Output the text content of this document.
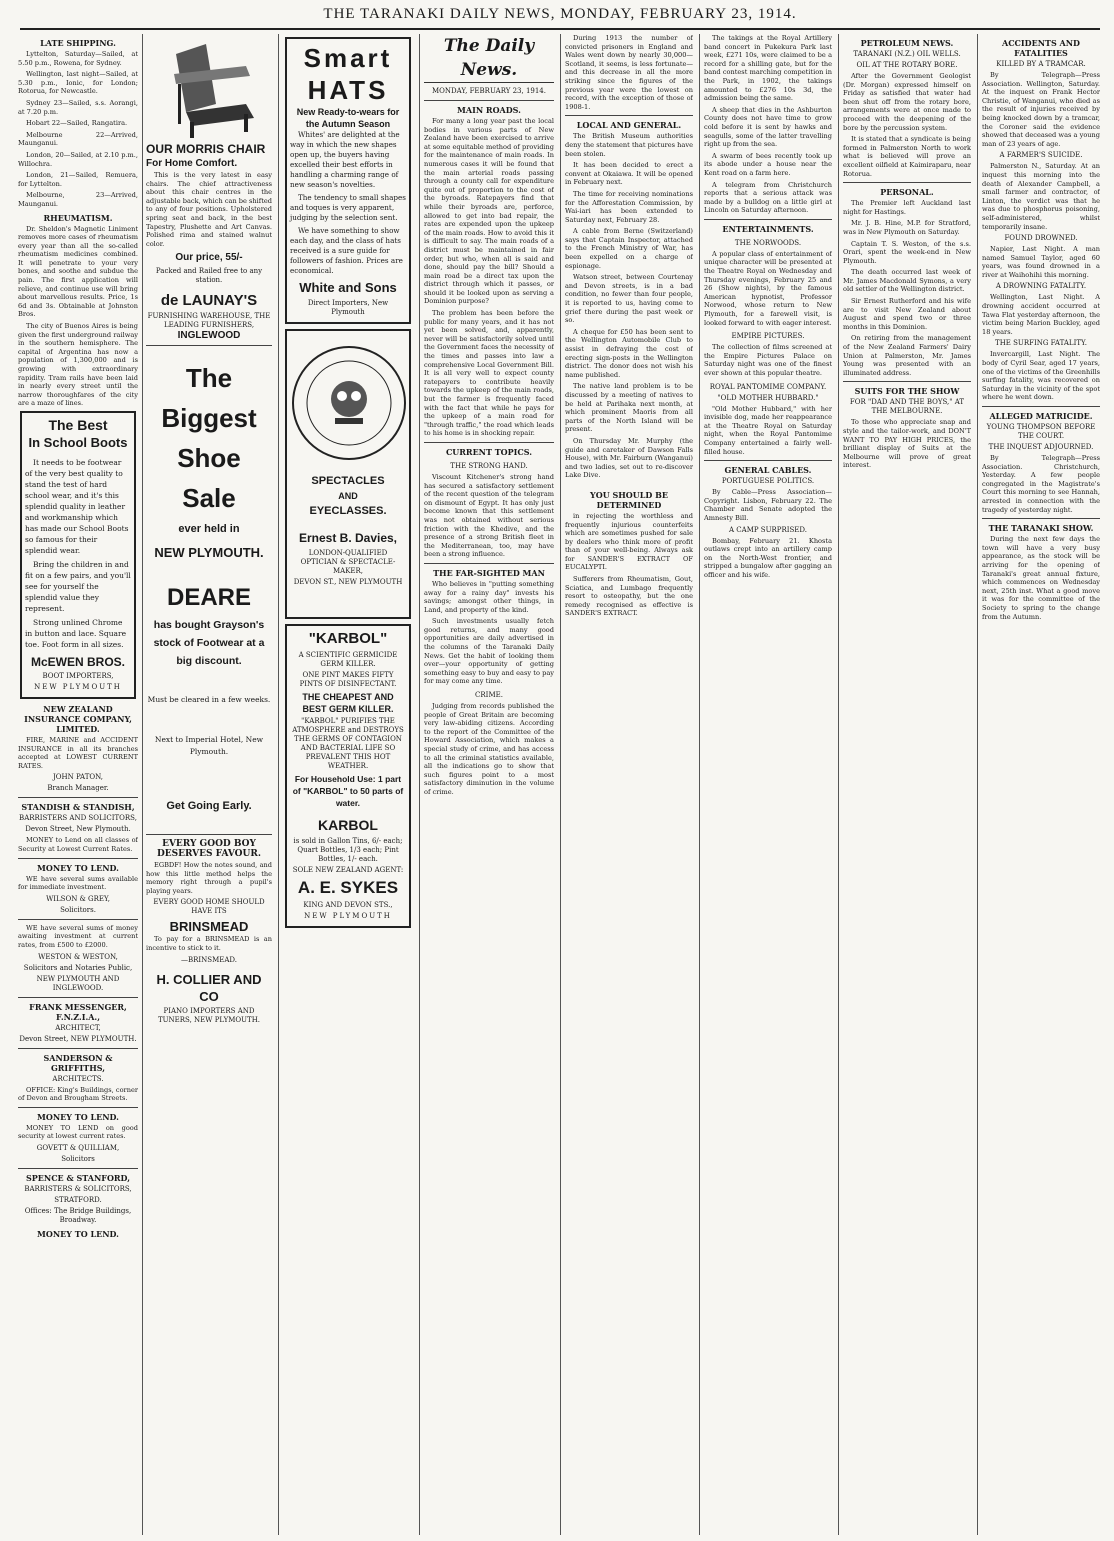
THE TARANAKI DAILY NEWS, MONDAY, FEBRUARY 23, 1914.
LATE SHIPPING.
Lyttelton, Saturday—Sailed, at 5.50 p.m., Rowena, for Sydney.
Wellington, last night—Sailed, at 5.30 p.m., Ionic, for London; Rotorua, for Newcastle.
Sydney 23—Sailed, s.s. Aorangi, at 7.20 p.m.
Hobart 22—Sailed, Rangatira.
Melbourne 22—Arrived, Maunganui.
London, 20—Sailed, at 2.10 p.m., Willochra.
London, 21—Sailed, Remuera, for Lyttelton.
Melbourne, 23—Arrived, Maunganui.
RHEUMATISM.
Dr. Sheldon's Magnetic Liniment removes more cases of rheumatism every year than all the so-called rheumatism medicines combined. It will penetrate to your very bones, and soothe and subdue the pain. The first application will relieve, and continue use will bring about marvellous results. Price, 1s 6d and 3s. Obtainable at Johnston Bros.
The city of Buenos Aires is being given the first underground railway in the southern hemisphere. The capital of Argentina has now a population of 1,300,000 and is growing with extraordinary rapidity. Tram rails have been laid in nearly every street until the narrow thoroughfares of the city are a maze of lines.
The Best
In School Boots
It needs to be footwear of the very best quality to stand the test of hard school wear, and it's this splendid quality in leather and workmanship which has made our School Boots so famous for their splendid wear.
Bring the children in and fit on a few pairs, and you'll see for yourself the splendid value they represent.
Strong unlined Chrome in button and lace. Square toe. Foot form in all sizes.
McEWEN BROS.
BOOT IMPORTERS,
NEW PLYMOUTH
NEW ZEALAND INSURANCE COMPANY, LIMITED.
FIRE, MARINE and ACCIDENT INSURANCE in all its branches accepted at LOWEST CURRENT RATES.
JOHN PATON,
Branch Manager.
STANDISH & STANDISH,
BARRISTERS AND SOLICITORS,
Devon Street, New Plymouth.
MONEY to Lend on all classes of Security at Lowest Current Rates.
MONEY TO LEND.
WE have several sums available for immediate investment.
WILSON & GREY,
Solicitors.
WE have several sums of money awaiting investment at current rates, from £500 to £2000.
WESTON & WESTON,
Solicitors and Notaries Public,
NEW PLYMOUTH AND INGLEWOOD.
FRANK MESSENGER, F.N.Z.I.A.,
ARCHITECT,
Devon Street, NEW PLYMOUTH.
SANDERSON & GRIFFITHS,
ARCHITECTS.
OFFICE: King's Buildings, corner of Devon and Brougham Streets.
MONEY TO LEND.
MONEY TO LEND on good security at lowest current rates.
GOVETT & QUILLIAM,
Solicitors
SPENCE & STANFORD,
BARRISTERS & SOLICITORS,
STRATFORD.
Offices: The Bridge Buildings, Broadway.
MONEY TO LEND.
OUR MORRIS CHAIR
For Home Comfort.
This is the very latest in easy chairs. The chief attractiveness about this chair centres in the adjustable back, which can be shifted to any of four positions. Upholstered spring seat and back, in the best Tapestry, Plushette and Art Canvas. Polished rima and stained walnut color.
Our price, 55/-
Packed and Railed free to any station.
de LAUNAY'S
FURNISHING WAREHOUSE, THE LEADING FURNISHERS,
INGLEWOOD
The
Biggest
Shoe
Sale
ever held in
NEW PLYMOUTH.
DEARE
has bought Grayson's stock of Footwear at a big discount.
Must be cleared in a few weeks.
Next to Imperial Hotel, New Plymouth.
Get Going Early.
EVERY GOOD BOY DESERVES FAVOUR.
EGBDF! How the notes sound, and how this little method helps the memory right through a pupil's playing years.
EVERY GOOD HOME SHOULD HAVE ITS
BRINSMEAD
To pay for a BRINSMEAD is an incentive to stick to it.
—BRINSMEAD.
H. COLLIER AND CO
PIANO IMPORTERS AND TUNERS, NEW PLYMOUTH.
Smart
HATS
New Ready-to-wears for the Autumn Season
Whites' are delighted at the way in which the new shapes open up, the buyers having excelled their best efforts in handling a charming range of new season's novelties.
The tendency to small shapes and toques is very apparent, judging by the selection sent.
We have something to show each day, and the class of hats received is a sure guide for followers of fashion. Prices are economical.
White and Sons
Direct Importers, New Plymouth
SPECTACLES
AND
EYECLASSES.
Ernest B. Davies,
LONDON-QUALIFIED OPTICIAN & SPECTACLE-MAKER,
DEVON ST., NEW PLYMOUTH
"KARBOL"
A SCIENTIFIC GERMICIDE GERM KILLER.
ONE PINT MAKES FIFTY PINTS OF DISINFECTANT.
THE CHEAPEST AND BEST GERM KILLER.
"KARBOL" PURIFIES THE ATMOSPHERE and DESTROYS THE GERMS OF CONTAGION AND BACTERIAL LIFE SO PREVALENT THIS HOT WEATHER.
For Household Use: 1 part of "KARBOL" to 50 parts of water.
KARBOL
is sold in Gallon Tins, 6/- each; Quart Bottles, 1/3 each; Pint Bottles, 1/- each.
SOLE NEW ZEALAND AGENT:
A. E. SYKES
KING AND DEVON STS.,
NEW PLYMOUTH
The Daily News.
MONDAY, FEBRUARY 23, 1914.
MAIN ROADS.
For many a long year past the local bodies in various parts of New Zealand have been exercised to arrive at some equitable method of providing for the maintenance of main roads. In numerous cases it will be found that the main arterial roads passing through a county call for expenditure quite out of proportion to the cost of the byroads. Ratepayers find that while their byroads are, perforce, allowed to get into bad repair, the rates are expended upon the upkeep of the main roads. How to avoid this it is difficult to say. The main roads of a district must be maintained in fair order, but who, when all is said and done, should pay the bill? Should a main road be a direct tax upon the district through which it passes, or should it be looked upon as serving a Dominion purpose?
The problem has been before the public for many years, and it has not yet been solved, and, apparently, never will be satisfactorily solved until the Government faces the necessity of the times and passes into law a comprehensive Local Government Bill. It is all very well to expect county ratepayers to contribute heavily towards the upkeep of the main roads, but the farmer is frequently faced with the fact that while he pays for the upkeep of a main road for "through traffic," the road which leads to his home is in shocking repair.
CURRENT TOPICS.
THE STRONG HAND.
Viscount Kitchener's strong hand has secured a satisfactory settlement of the recent question of the telegram on dismount of Egypt. It has only just become known that this settlement was not obtained without serious friction with the Khedive, and the presence of a strong British fleet in the Mediterranean, too, may have been a strong influence.
THE FAR-SIGHTED MAN
Who believes in "putting something away for a rainy day" invests his savings; amongst other things, in Land, and property of the kind.
Such investments usually fetch good returns, and many good opportunities are daily advertised in the columns of the Taranaki Daily News. Get the habit of looking them over—your opportunity of getting something easy to buy and easy to pay for may come any time.
CRIME.
Judging from records published the people of Great Britain are becoming very law-abiding citizens. According to the report of the Committee of the Howard Association, which makes a special study of crime, and has access to all the criminal statistics available, all the indications go to show that such figures point to a most satisfactory diminution in the volume of crime.
During 1913 the number of convicted prisoners in England and Wales went down by nearly 30,000—Scotland, it seems, is less fortunate—and this decrease in all the more striking since the figures of the previous year were the lowest on record, with the exception of those of 1908-1.
LOCAL AND GENERAL.
The British Museum authorities deny the statement that pictures have been stolen.
It has been decided to erect a convent at Okaiawa. It will be opened in February next.
The time for receiving nominations for the Afforestation Commission, by Wai-iari has been extended to Saturday next, February 28.
A cable from Berne (Switzerland) says that Captain Inspector, attached to the French Ministry of War, has been expelled on a charge of espionage.
Watson street, between Courtenay and Devon streets, is in a bad condition, no fewer than four people, it is reported to us, having come to grief there during the past week or so.
A cheque for £50 has been sent to the Wellington Automobile Club to assist in defraying the cost of erecting sign-posts in the Wellington district. The donor does not wish his name published.
The native land problem is to be discussed by a meeting of natives to be held at Parihaka next month, at which prominent Maoris from all parts of the North Island will be present.
On Thursday Mr. Murphy (the guide and caretaker of Dawson Falls House), with Mr. Fairburn (Wanganui) and two ladies, set out to re-discover Lake Dive.
YOU SHOULD BE DETERMINED
in rejecting the worthless and frequently injurious counterfeits which are sometimes pushed for sale by dealers who think more of profit than of your well-being. Always ask for SANDER'S EXTRACT OF EUCALYPTI.
Sufferers from Rheumatism, Gout, Sciatica, and Lumbago frequently resort to osteopathy, but the one remedy recognised as effective is SANDER'S EXTRACT.
The takings at the Royal Artillery band concert in Pukekura Park last week, £271 10s, were claimed to be a record for a shilling gate, but for the band contest marching competition in the Park, in 1902, the takings amounted to £276 10s 3d, the admission being the same.
A sheep that dies in the Ashburton County does not have time to grow cold before it is sent by hawks and seagulls, some of the latter travelling right up from the sea.
A swarm of bees recently took up its abode under a house near the Kent road on a farm here.
A telegram from Christchurch reports that a serious attack was made by a bulldog on a little girl at Lincoln on Saturday afternoon.
ENTERTAINMENTS.
THE NORWOODS.
A popular class of entertainment of unique character will be presented at the Theatre Royal on Wednesday and Thursday evenings, February 25 and 26 (Show nights), by the famous American hypnotist, Professor Norwood, whose return to New Plymouth, for a farewell visit, is looked forward to with eager interest.
EMPIRE PICTURES.
The collection of films screened at the Empire Pictures Palace on Saturday night was one of the finest ever shown at this popular theatre.
ROYAL PANTOMIME COMPANY.
"OLD MOTHER HUBBARD."
"Old Mother Hubbard," with her invisible dog, made her reappearance at the Theatre Royal on Saturday night, when the Royal Pantomime Company entertained a fairly well-filled house.
GENERAL CABLES.
PORTUGUESE POLITICS.
By Cable—Press Association—Copyright. Lisbon, February 22. The Chamber and Senate adopted the Amnesty Bill.
A CAMP SURPRISED.
Bombay, February 21. Khosta outlaws crept into an artillery camp on the North-West frontier, and stripped a bungalow after gagging an officer and his wife.
PETROLEUM NEWS.
TARANAKI (N.Z.) OIL WELLS.
OIL AT THE ROTARY BORE.
After the Government Geologist (Dr. Morgan) expressed himself on Friday as satisfied that water had been shut off from the rotary bore, arrangements were at once made to proceed with the deepening of the bore by the percussion system.
It is stated that a syndicate is being formed in Palmerston North to work what is believed will prove an excellent oilfield at Kaimiraparu, near Rotorua.
PERSONAL.
The Premier left Auckland last night for Hastings.
Mr. J. B. Hine, M.P. for Stratford, was in New Plymouth on Saturday.
Captain T. S. Weston, of the s.s. Orari, spent the week-end in New Plymouth.
The death occurred last week of Mr. James Macdonald Symons, a very old settler of the Wellington district.
Sir Ernest Rutherford and his wife are to visit New Zealand about August and spend two or three months in this Dominion.
On retiring from the management of the New Zealand Farmers' Dairy Union at Palmerston, Mr. James Young was presented with an illuminated address.
SUITS FOR THE SHOW
FOR "DAD AND THE BOYS," AT THE MELBOURNE.
To those who appreciate snap and style and the tailor-work, and DON'T WANT TO PAY HIGH PRICES, the brilliant display of Suits at the Melbourne will prove of great interest.
ACCIDENTS AND FATALITIES
KILLED BY A TRAMCAR.
By Telegraph—Press Association. Wellington, Saturday. At the inquest on Frank Hector Christie, of Wanganui, who died as the result of injuries received by being knocked down by a tramcar, the Coroner said the evidence showed that deceased was a young man of 23 years of age.
A FARMER'S SUICIDE.
Palmerston N., Saturday. At an inquest this morning into the death of Alexander Campbell, a small farmer and contractor, of Linton, the verdict was that he was due to phosphorus poisoning, self-administered, whilst temporarily insane.
FOUND DROWNED.
Napier, Last Night. A man named Samuel Taylor, aged 60 years, was found drowned in a river at Waihohihi this morning.
A DROWNING FATALITY.
Wellington, Last Night. A drowning accident occurred at Tawa Flat yesterday afternoon, the victim being Marion Buckley, aged 18 years.
THE SURFING FATALITY.
Invercargill, Last Night. The body of Cyril Sear, aged 17 years, one of the victims of the Greenhills surfing fatality, was recovered on Saturday in the vicinity of the spot where he went down.
ALLEGED MATRICIDE.
YOUNG THOMPSON BEFORE THE COURT.
THE INQUEST ADJOURNED.
By Telegraph—Press Association. Christchurch, Yesterday. A few people congregated in the Magistrate's Court this morning to see Hannah, arrested in connection with the tragedy of yesterday night.
THE TARANAKI SHOW.
During the next few days the town will have a very busy appearance, as the stock will be arriving for the opening of Taranaki's great annual fixture, which commences on Wednesday next, 25th inst. What a good move it was for the committee of the Society to spring to the change from the Autumn.
